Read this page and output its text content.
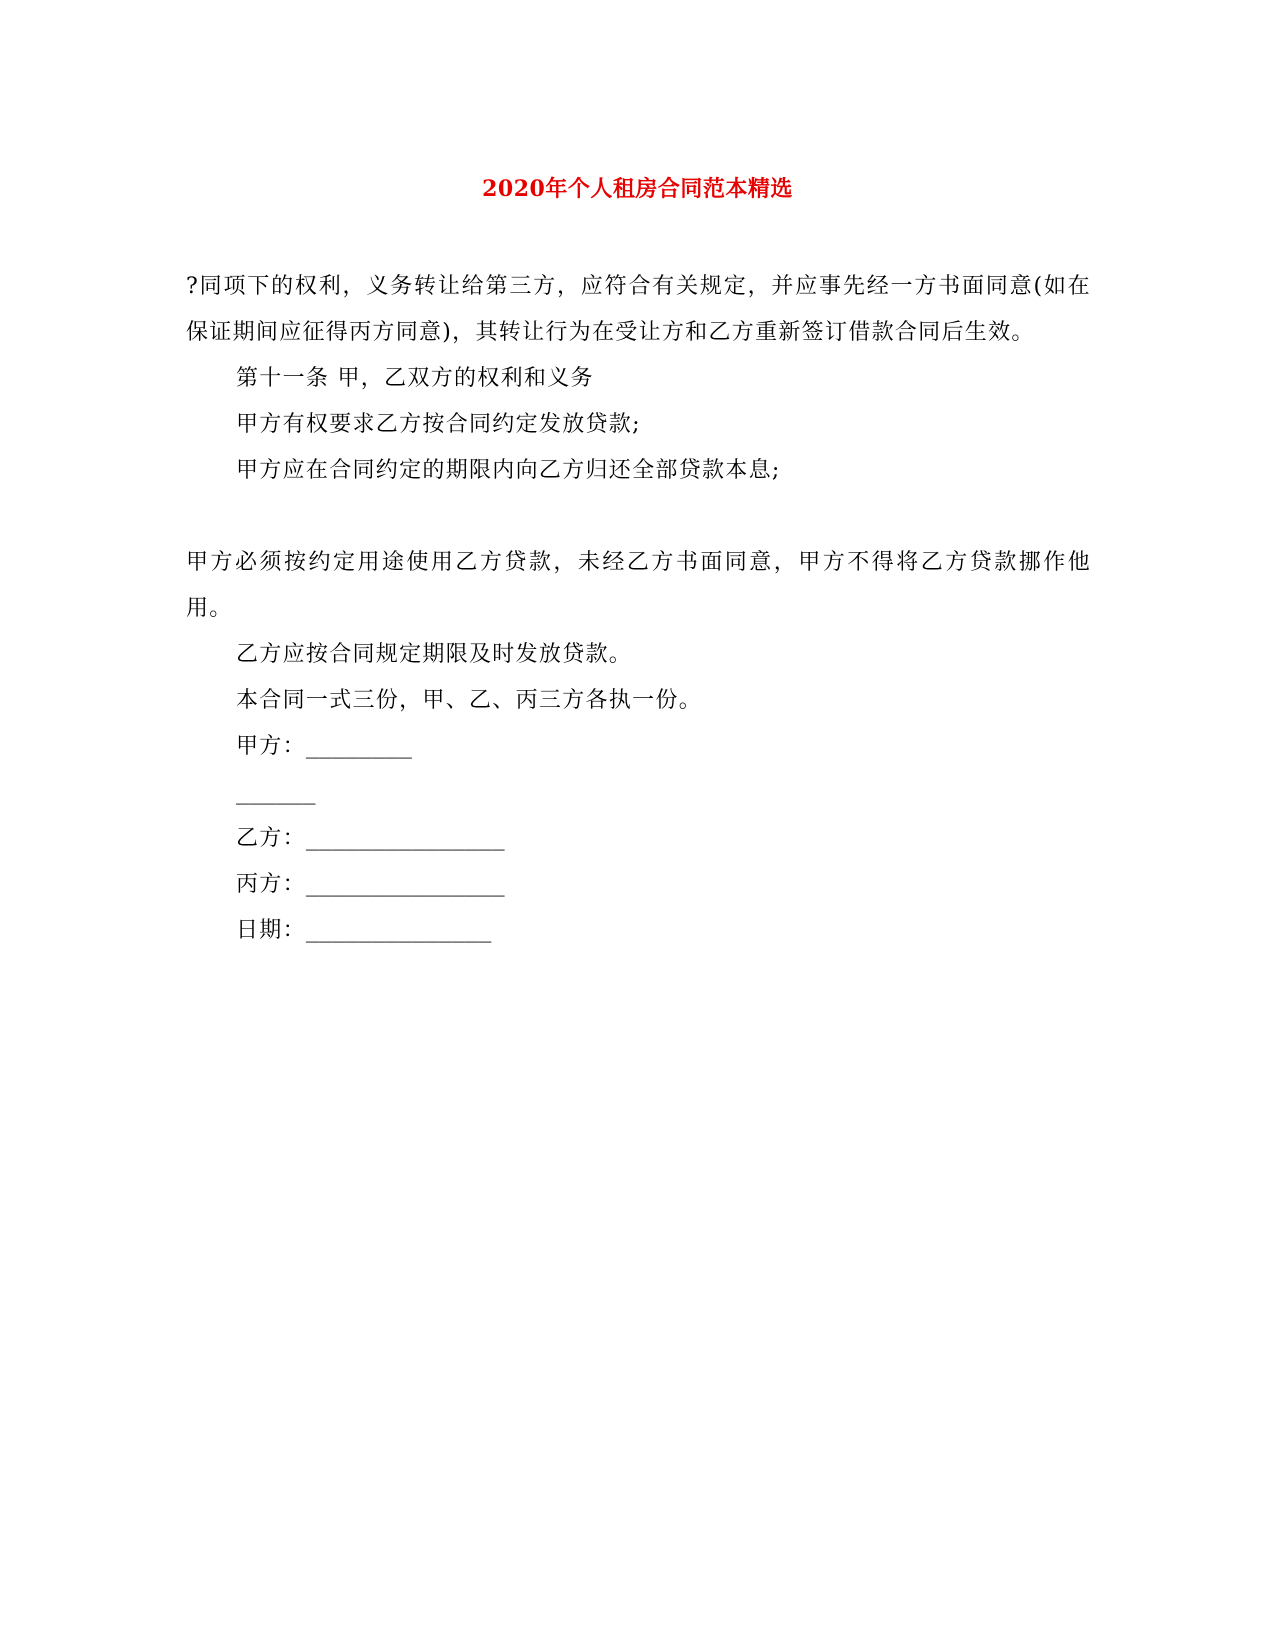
2020年个人租房合同范本精选

?同项下的权利，义务转让给第三方，应符合有关规定，并应事先经一方书面同意(如在保证期间应征得丙方同意)，其转让行为在受让方和乙方重新签订借款合同后生效。

第十一条 甲，乙双方的权利和义务

甲方有权要求乙方按合同约定发放贷款;

甲方应在合同约定的期限内向乙方归还全部贷款本息;

甲方必须按约定用途使用乙方贷款，未经乙方书面同意，甲方不得将乙方贷款挪作他用。

乙方应按合同规定期限及时发放贷款。

本合同一式三份，甲、乙、丙三方各执一份。

甲方：________
______
乙方：_______________
丙方：_______________
日期：______________
